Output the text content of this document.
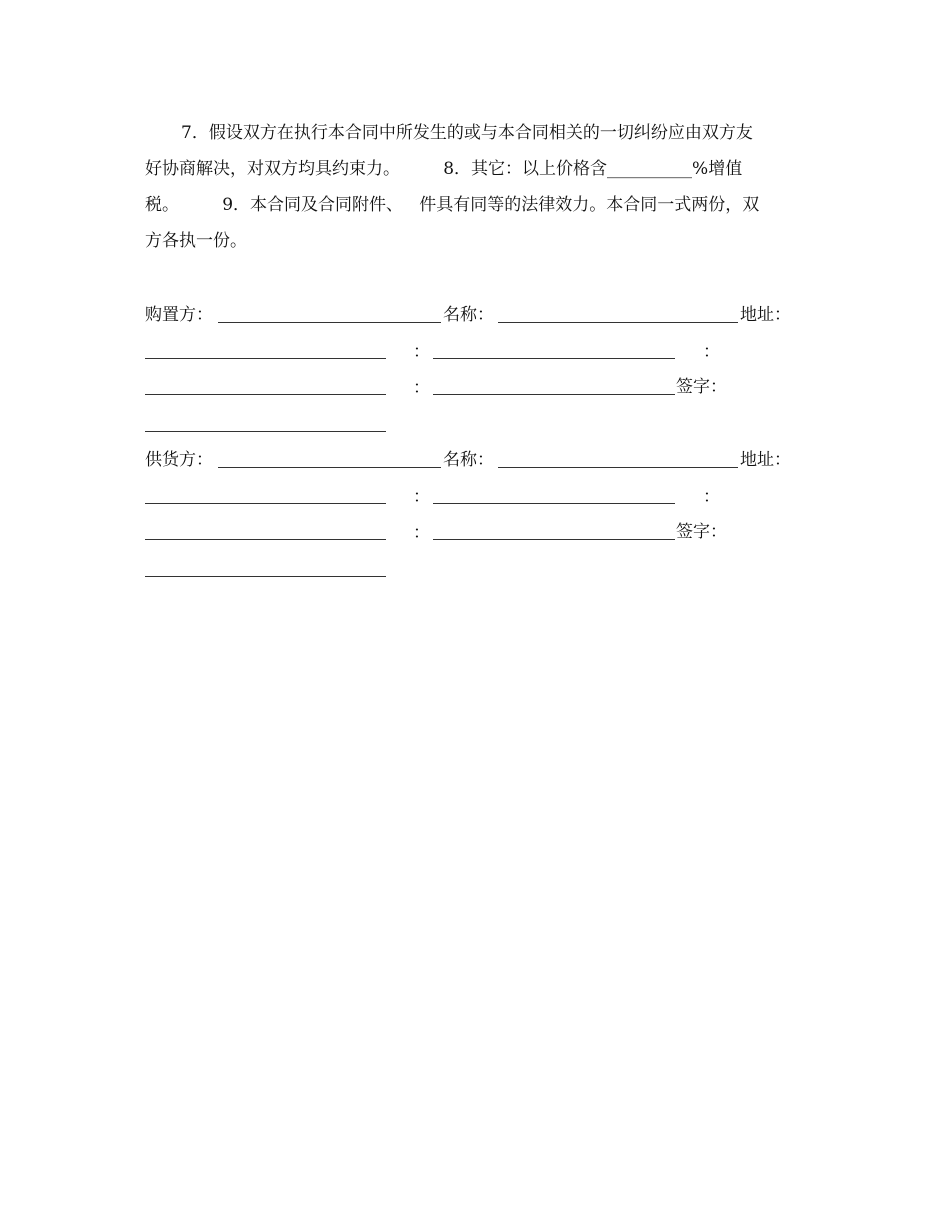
7．假设双方在执行本合同中所发生的或与本合同相关的一切纠纷应由双方友
好协商解决，对双方均具约束力。        8．其它：以上价格含__________%增值
税。        9．本合同及合同附件、   件具有同等的法律效力。本合同一式两份，双
方各执一份。
购置方：	名称：	地址：
：	：
：	签字：
供货方：	名称：	地址：
：	：
：	签字：
